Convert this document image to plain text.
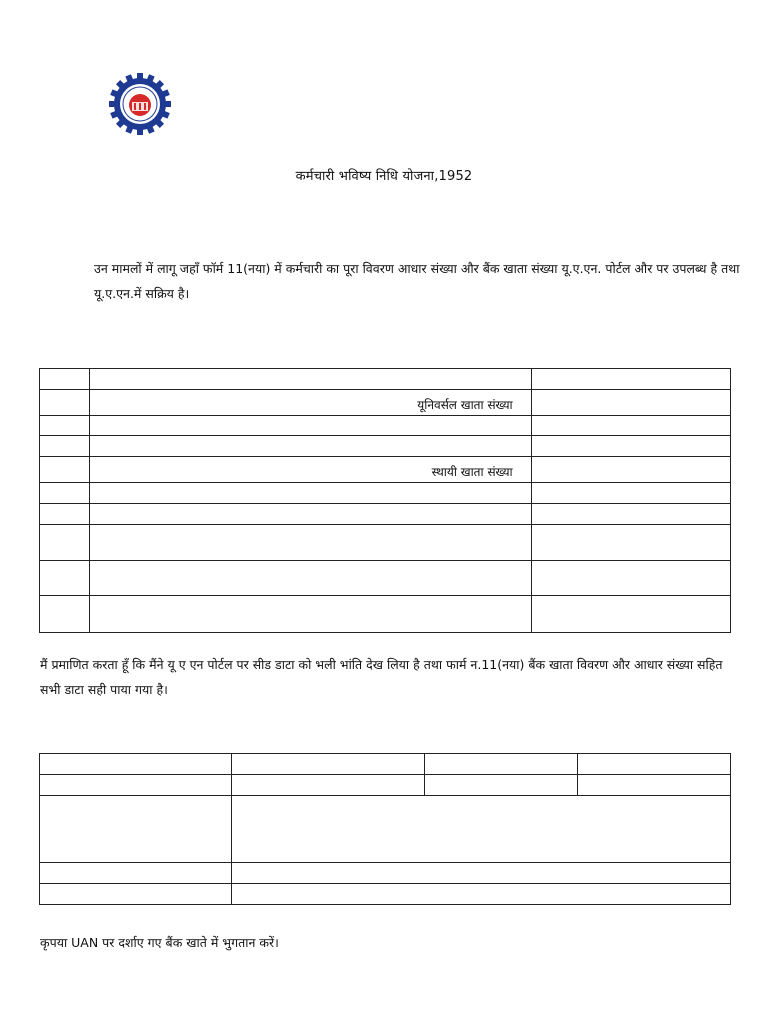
कर्मचारी भविष्य निधि योजना,1952
उन मामलों में लागू जहाँ फॉर्म 11(नया) में कर्मचारी का पूरा विवरण आधार संख्या और बैंक खाता संख्या यू.ए.एन. पोर्टल और पर उपलब्ध है तथा यू.ए.एन.में सक्रिय है।

	यूनिवर्सल खाता संख्या	

	स्थायी खाता संख्या	

मैं प्रमाणित करता हूँ कि मैंने यू ए एन पोर्टल पर सीड डाटा को भली भांति देख लिया है तथा फार्म न.11(नया) बैंक खाता विवरण और आधार संख्या सहित सभी डाटा सही पाया गया है।

कृपया UAN पर दर्शाए गए बैंक खाते में भुगतान करें।
